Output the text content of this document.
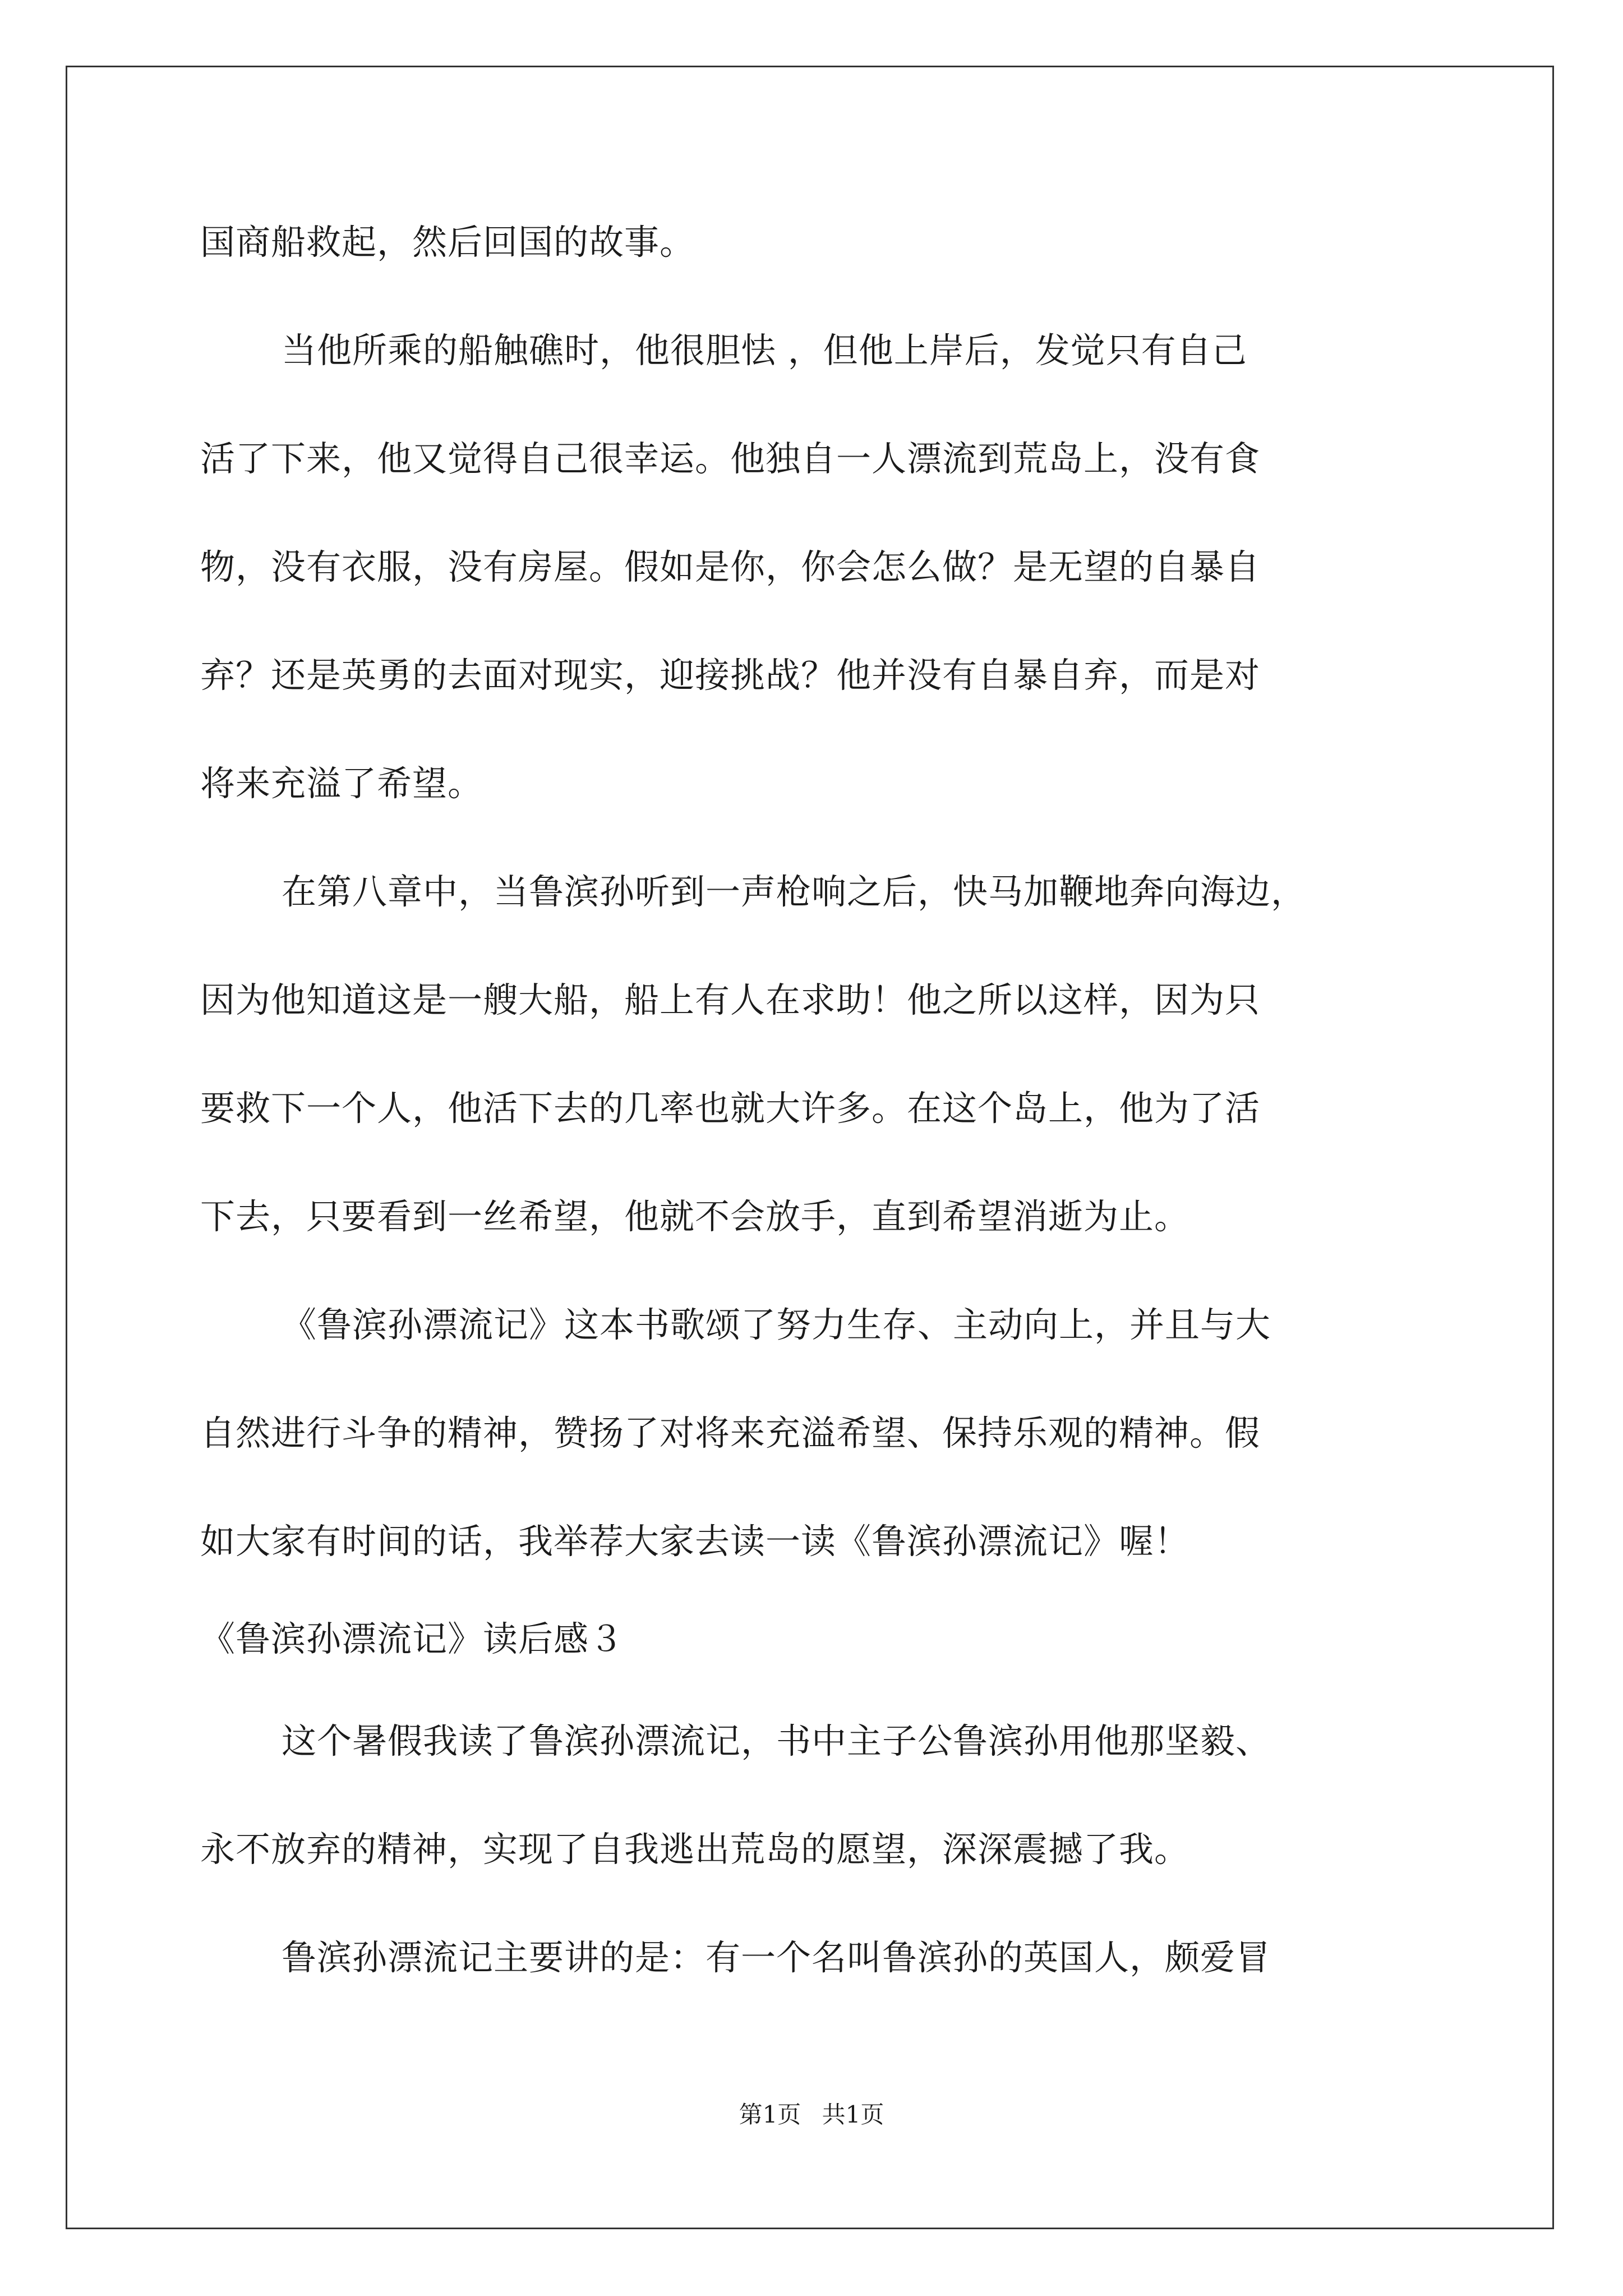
国商船救起，然后回国的故事。
当他所乘的船触礁时，他很胆怯 ，但他上岸后，发觉只有自己
活了下来，他又觉得自己很幸运。他独自一人漂流到荒岛上，没有食
物，没有衣服，没有房屋。假如是你，你会怎么做？是无望的自暴自
弃？还是英勇的去面对现实，迎接挑战？他并没有自暴自弃，而是对
将来充溢了希望。
在第八章中，当鲁滨孙听到一声枪响之后，快马加鞭地奔向海边，
因为他知道这是一艘大船，船上有人在求助！他之所以这样，因为只
要救下一个人，他活下去的几率也就大许多。在这个岛上，他为了活
下去，只要看到一丝希望，他就不会放手，直到希望消逝为止。
《鲁滨孙漂流记》这本书歌颂了努力生存、主动向上，并且与大
自然进行斗争的精神，赞扬了对将来充溢希望、保持乐观的精神。假
如大家有时间的话，我举荐大家去读一读《鲁滨孙漂流记》喔！
《鲁滨孙漂流记》读后感３
这个暑假我读了鲁滨孙漂流记，书中主子公鲁滨孙用他那坚毅、
永不放弃的精神，实现了自我逃出荒岛的愿望，深深震撼了我。
鲁滨孙漂流记主要讲的是：有一个名叫鲁滨孙的英国人，颇爱冒
第1页 共1页
